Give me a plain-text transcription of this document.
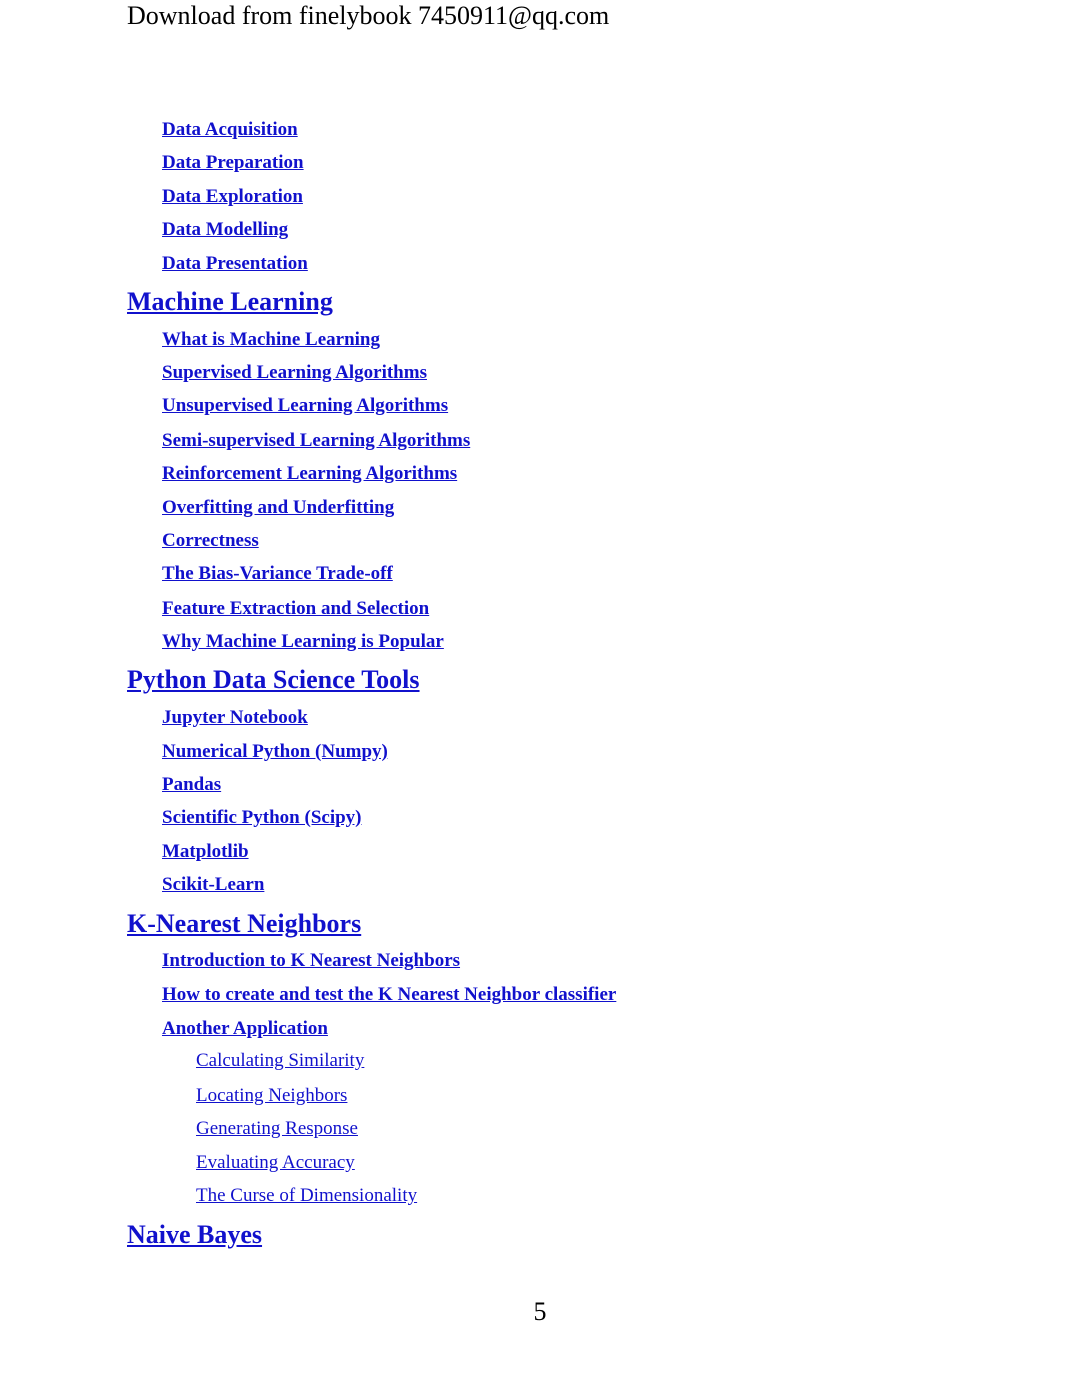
Download from finelybook 7450911@qq.com
Data Acquisition
Data Preparation
Data Exploration
Data Modelling
Data Presentation
Machine Learning
What is Machine Learning
Supervised Learning Algorithms
Unsupervised Learning Algorithms
Semi-supervised Learning Algorithms
Reinforcement Learning Algorithms
Overfitting and Underfitting
Correctness
The Bias-Variance Trade-off
Feature Extraction and Selection
Why Machine Learning is Popular
Python Data Science Tools
Jupyter Notebook
Numerical Python (Numpy)
Pandas
Scientific Python (Scipy)
Matplotlib
Scikit-Learn
K-Nearest Neighbors
Introduction to K Nearest Neighbors
How to create and test the K Nearest Neighbor classifier
Another Application
Calculating Similarity
Locating Neighbors
Generating Response
Evaluating Accuracy
The Curse of Dimensionality
Naive Bayes
5
